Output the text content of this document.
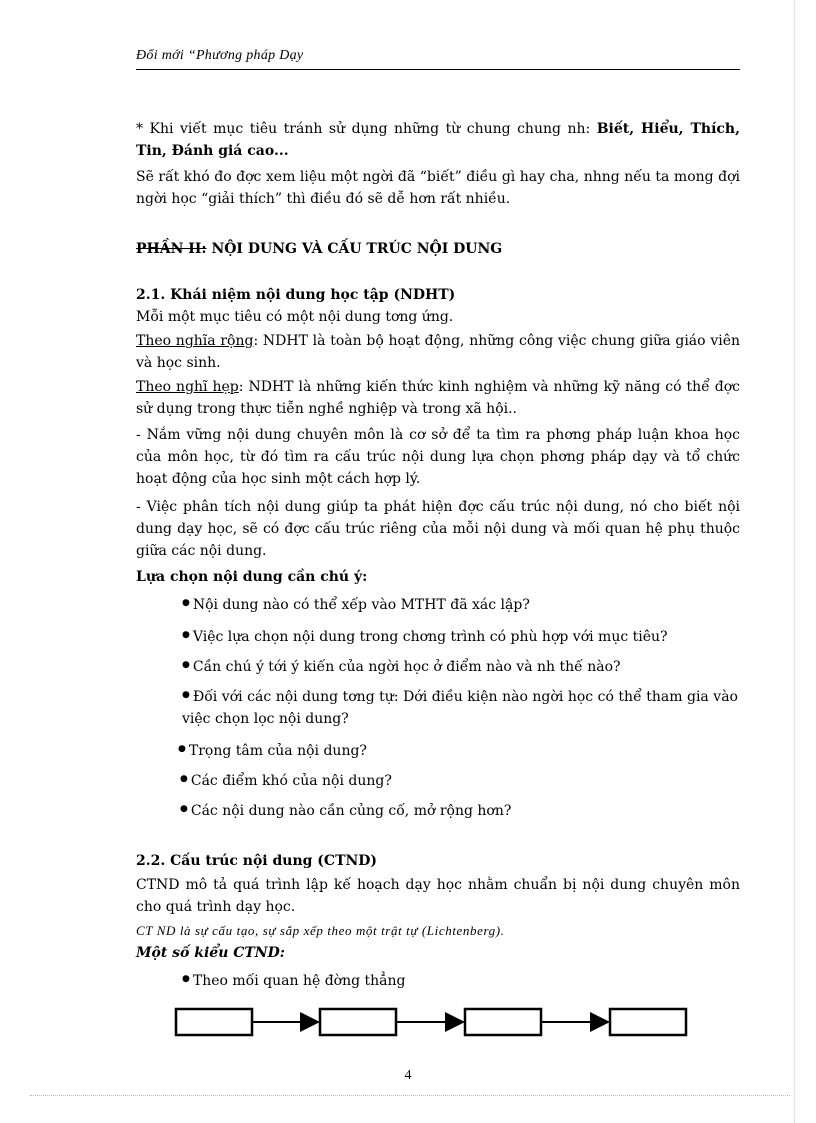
Đổi mới “Phương pháp Dạy
* Khi viết mục tiêu tránh sử dụng những từ chung chung nh: Biết, Hiểu, Thích, Tin, Đánh giá cao...
Sẽ rất khó đo đợc xem liệu một ngời đã “biết” điều gì hay cha, nhng nếu ta mong đợi ngời học “giải thích” thì điều đó sẽ dễ hơn rất nhiều.
PHẦN II: NỘI DUNG VÀ CẤU TRÚC NỘI DUNG
2.1. Khái niệm nội dung học tập (NDHT)
Mỗi một mục tiêu có một nội dung tơng ứng.
Theo nghĩa rộng: NDHT là toàn bộ hoạt động, những công việc chung giữa giáo viên và học sinh.
Theo nghĩ hẹp: NDHT là những kiến thức kinh nghiệm và những kỹ năng có thể đợc sử dụng trong thực tiễn nghề nghiệp và trong xã hội..
- Nắm vững nội dung chuyên môn là cơ sở để ta tìm ra phơng pháp luận khoa học của môn học, từ đó tìm ra cấu trúc nội dung lựa chọn phơng pháp dạy và tổ chức hoạt động của học sinh một cách hợp lý.
- Việc phân tích nội dung giúp ta phát hiện đợc cấu trúc nội dung, nó cho biết nội dung dạy học, sẽ có đợc cấu trúc riêng của mỗi nội dung và mối quan hệ phụ thuộc giữa các nội dung.
Lựa chọn nội dung cần chú ý:
● Nội dung nào có thể xếp vào MTHT đã xác lập?
● Việc lựa chọn nội dung trong chơng trình có phù hợp với mục tiêu?
● Cần chú ý tới ý kiến của ngời học ở điểm nào và nh thế nào?
● Đối với các nội dung tơng tự: Dới điều kiện nào ngời học có thể tham gia vào việc chọn lọc nội dung?
● Trọng tâm của nội dung?
● Các điểm khó của nội dung?
● Các nội dung nào cần củng cố, mở rộng hơn?
2.2. Cấu trúc nội dung (CTND)
CTND mô tả quá trình lập kế hoạch dạy học nhằm chuẩn bị nội dung chuyên môn cho quá trình dạy học.
CT ND là sự cấu tạo, sự sắp xếp theo một trật tự (Lichtenberg).
Một số kiểu CTND:
● Theo mối quan hệ đờng thẳng
4
